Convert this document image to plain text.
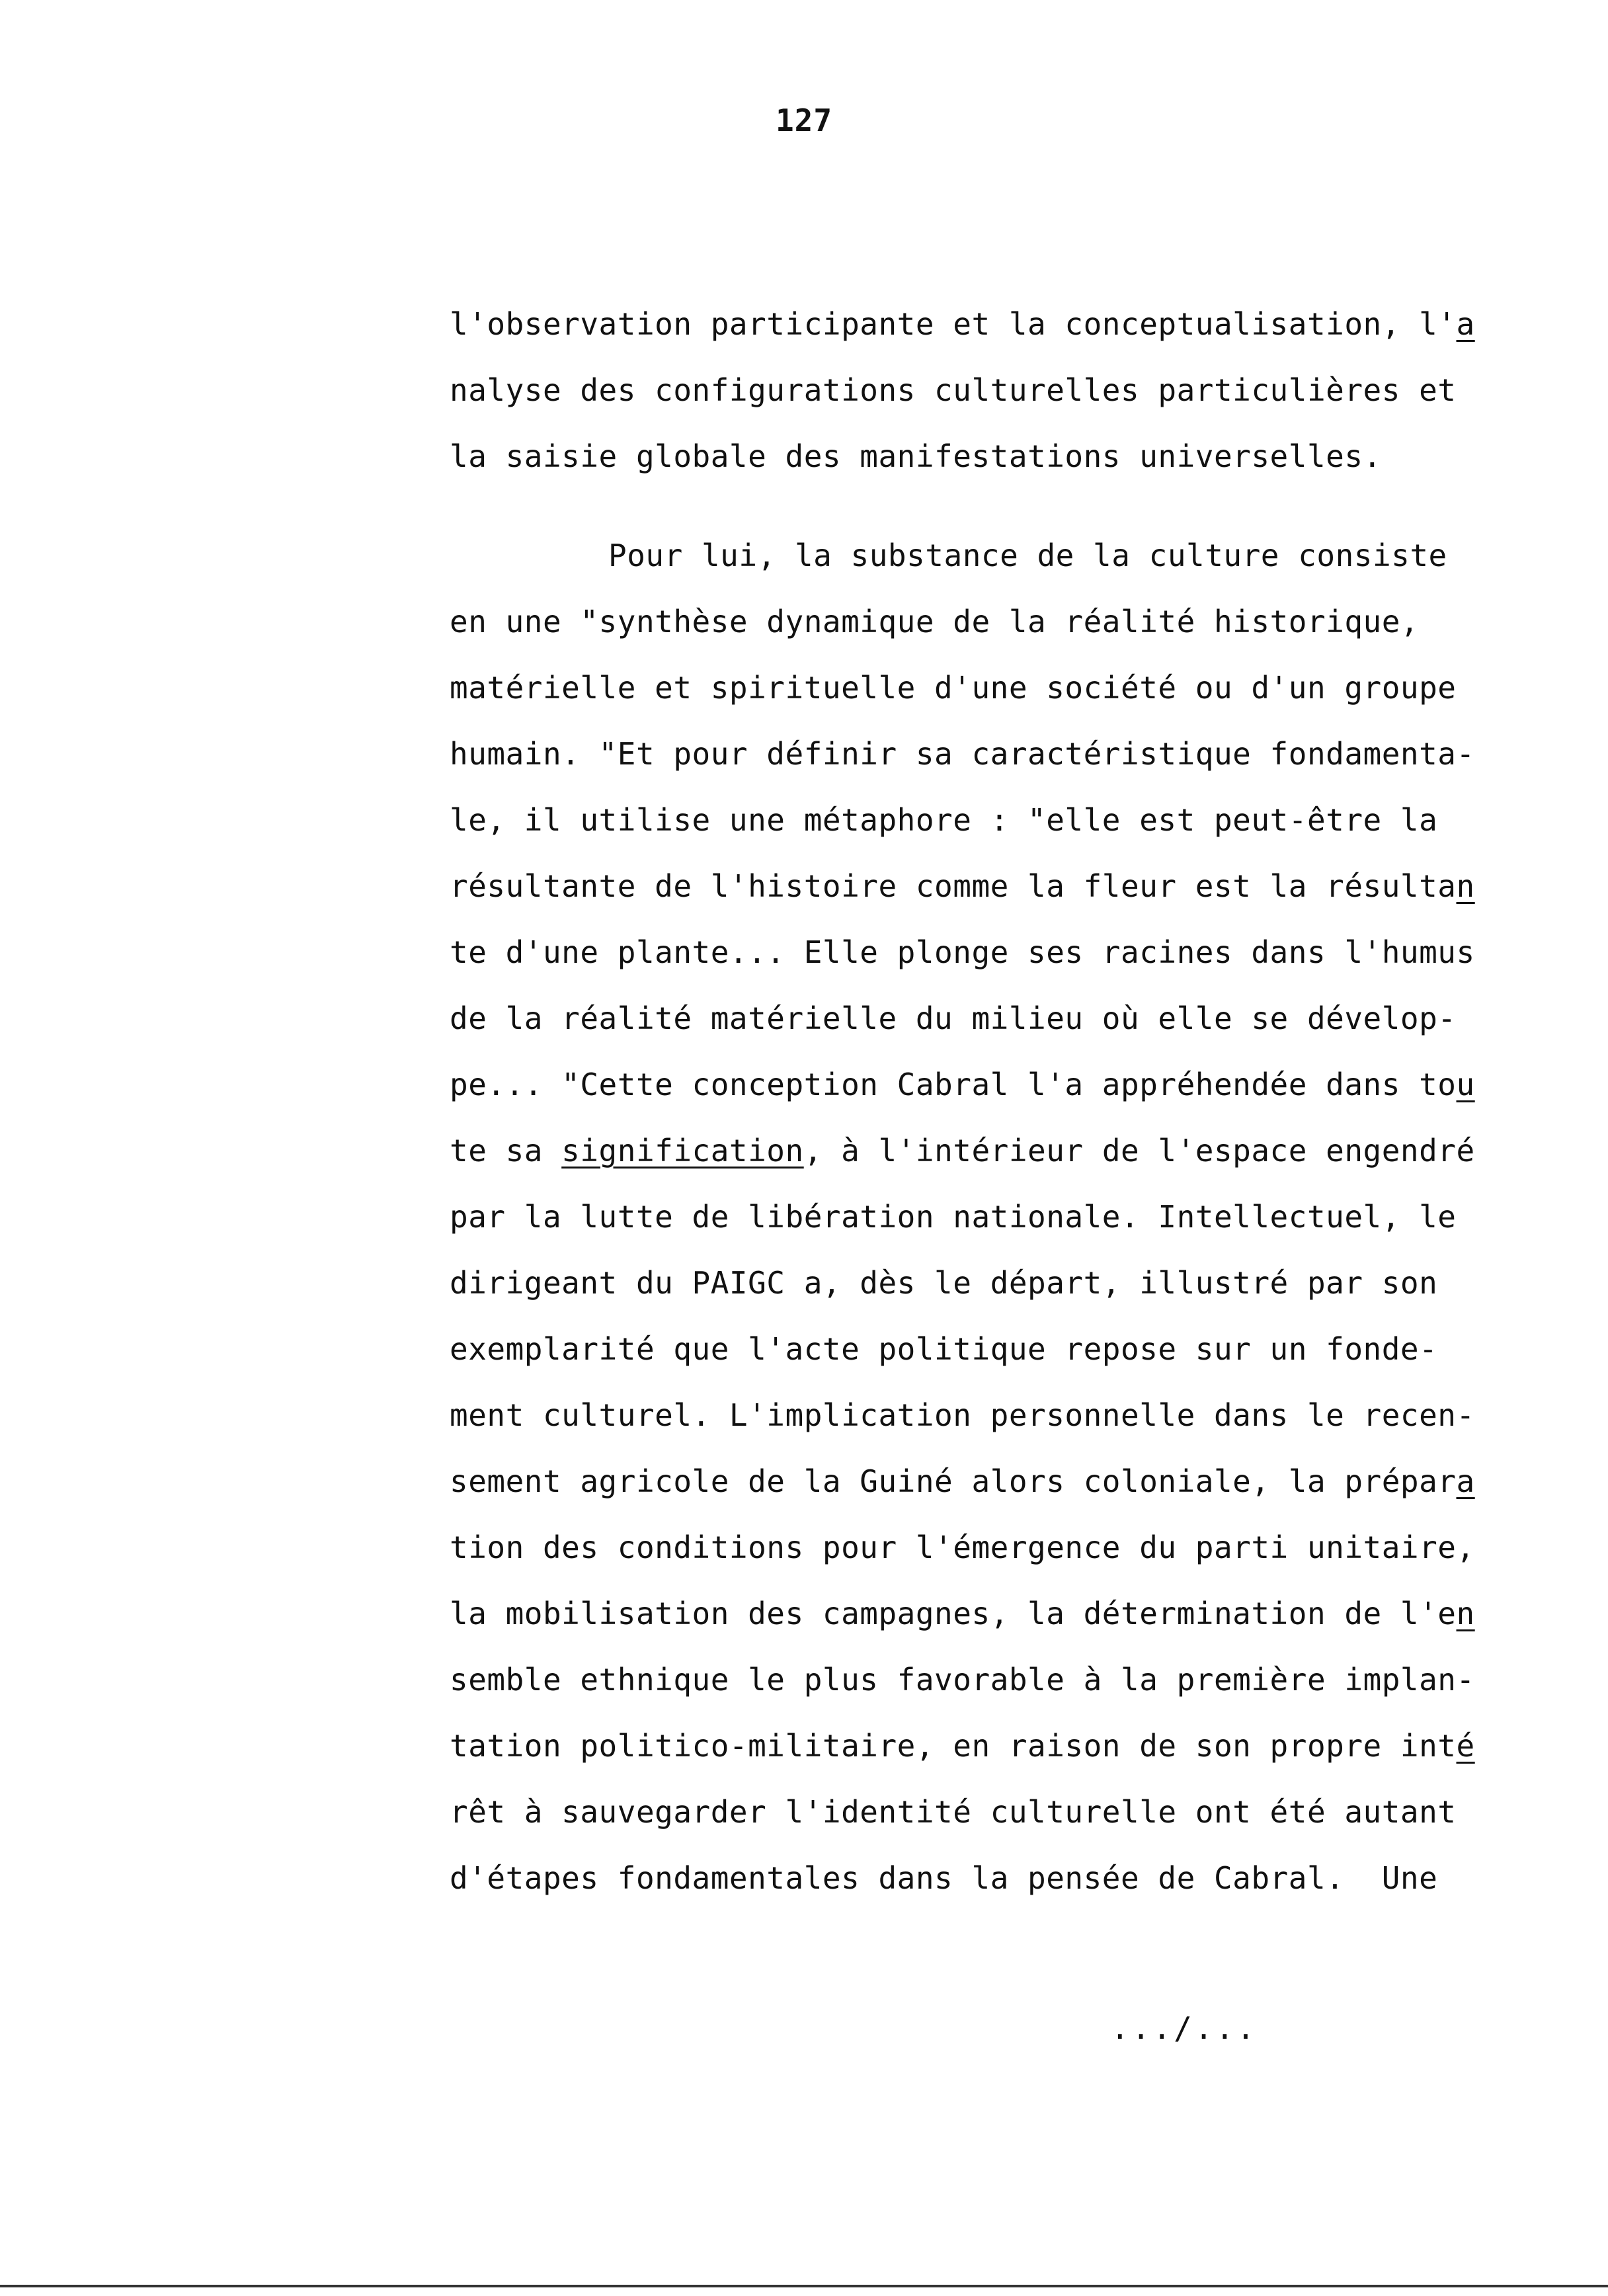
127
l'observation participante et la conceptualisation, l'a
nalyse des configurations culturelles particulières et
la saisie globale des manifestations universelles.
Pour lui, la substance de la culture consiste
en une "synthèse dynamique de la réalité historique,
matérielle et spirituelle d'une société ou d'un groupe
humain. "Et pour définir sa caractéristique fondamenta-
le, il utilise une métaphore : "elle est peut-être la
résultante de l'histoire comme la fleur est la résultan
te d'une plante... Elle plonge ses racines dans l'humus
de la réalité matérielle du milieu où elle se dévelop-
pe... "Cette conception Cabral l'a appréhendée dans tou
te sa signification, à l'intérieur de l'espace engendré
par la lutte de libération nationale. Intellectuel, le
dirigeant du PAIGC a, dès le départ, illustré par son
exemplarité que l'acte politique repose sur un fonde-
ment culturel. L'implication personnelle dans le recen-
sement agricole de la Guiné alors coloniale, la prépara
tion des conditions pour l'émergence du parti unitaire,
la mobilisation des campagnes, la détermination de l'en
semble ethnique le plus favorable à la première implan-
tation politico-militaire, en raison de son propre inté
rêt à sauvegarder l'identité culturelle ont été autant
d'étapes fondamentales dans la pensée de Cabral.  Une
.../...
